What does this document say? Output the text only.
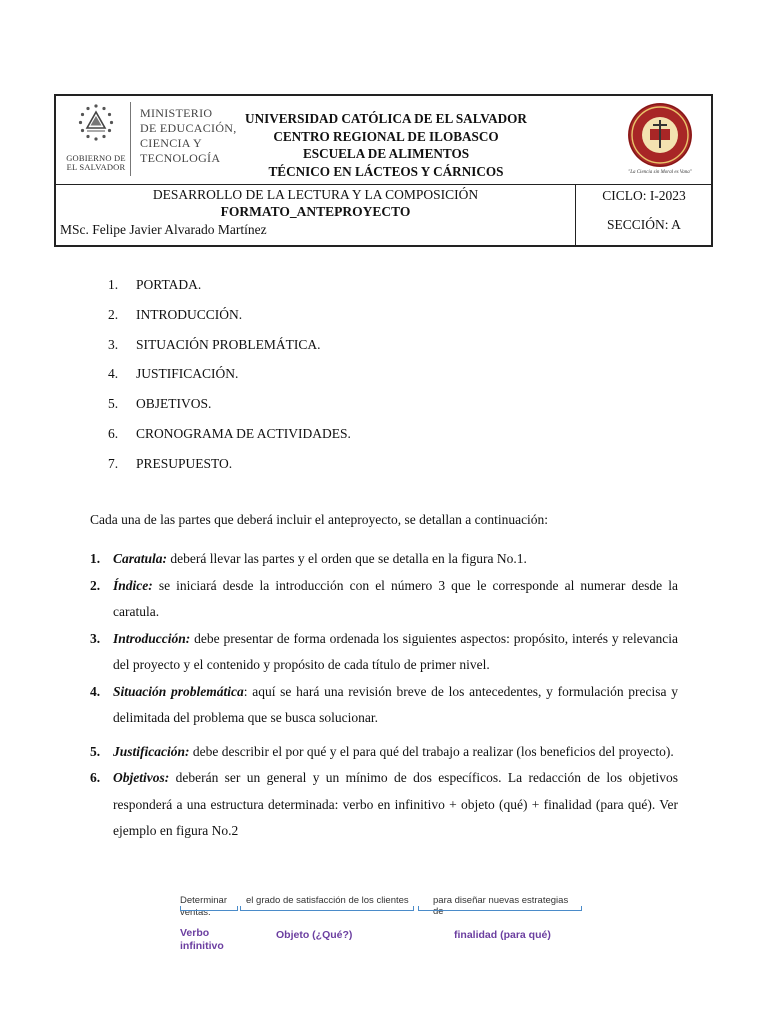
GOBIERNO DE
EL SALVADOR
MINISTERIO
DE EDUCACIÓN,
CIENCIA Y
TECNOLOGÍA
UNIVERSIDAD CATÓLICA DE EL SALVADOR
CENTRO REGIONAL DE ILOBASCO
ESCUELA DE ALIMENTOS
TÉCNICO EN LÁCTEOS Y CÁRNICOS	"La Ciencia sin Moral es Vana"
DESARROLLO DE LA LECTURA Y LA COMPOSICIÓN
FORMATO_ANTEPROYECTO
MSc. Felipe Javier Alvarado Martínez
CICLO: I-2023
SECCIÓN: A
1. PORTADA.
2. INTRODUCCIÓN.
3. SITUACIÓN PROBLEMÁTICA.
4. JUSTIFICACIÓN.
5. OBJETIVOS.
6. CRONOGRAMA DE ACTIVIDADES.
7. PRESUPUESTO.
Cada una de las partes que deberá incluir el anteproyecto, se detallan a continuación:
1. Caratula: deberá llevar las partes y el orden que se detalla en la figura No.1.
2. Índice: se iniciará desde la introducción con el número 3 que le corresponde al numerar desde la caratula.
3. Introducción: debe presentar de forma ordenada los siguientes aspectos: propósito, interés y relevancia del proyecto y el contenido y propósito de cada título de primer nivel.
4. Situación problemática: aquí se hará una revisión breve de los antecedentes, y formulación precisa y delimitada del problema que se busca solucionar.
5. Justificación: debe describir el por qué y el para qué del trabajo a realizar (los beneficios del proyecto).
6. Objetivos: deberán ser un general y un mínimo de dos específicos. La redacción de los objetivos responderá a una estructura determinada: verbo en infinitivo + objeto (qué) + finalidad (para qué). Ver ejemplo en figura No.2
Determinar
ventas.
el grado de satisfacción de los clientes	para diseñar nuevas estrategias de
Verbo
infinitivo
Objeto (¿Qué?)	finalidad (para qué)
